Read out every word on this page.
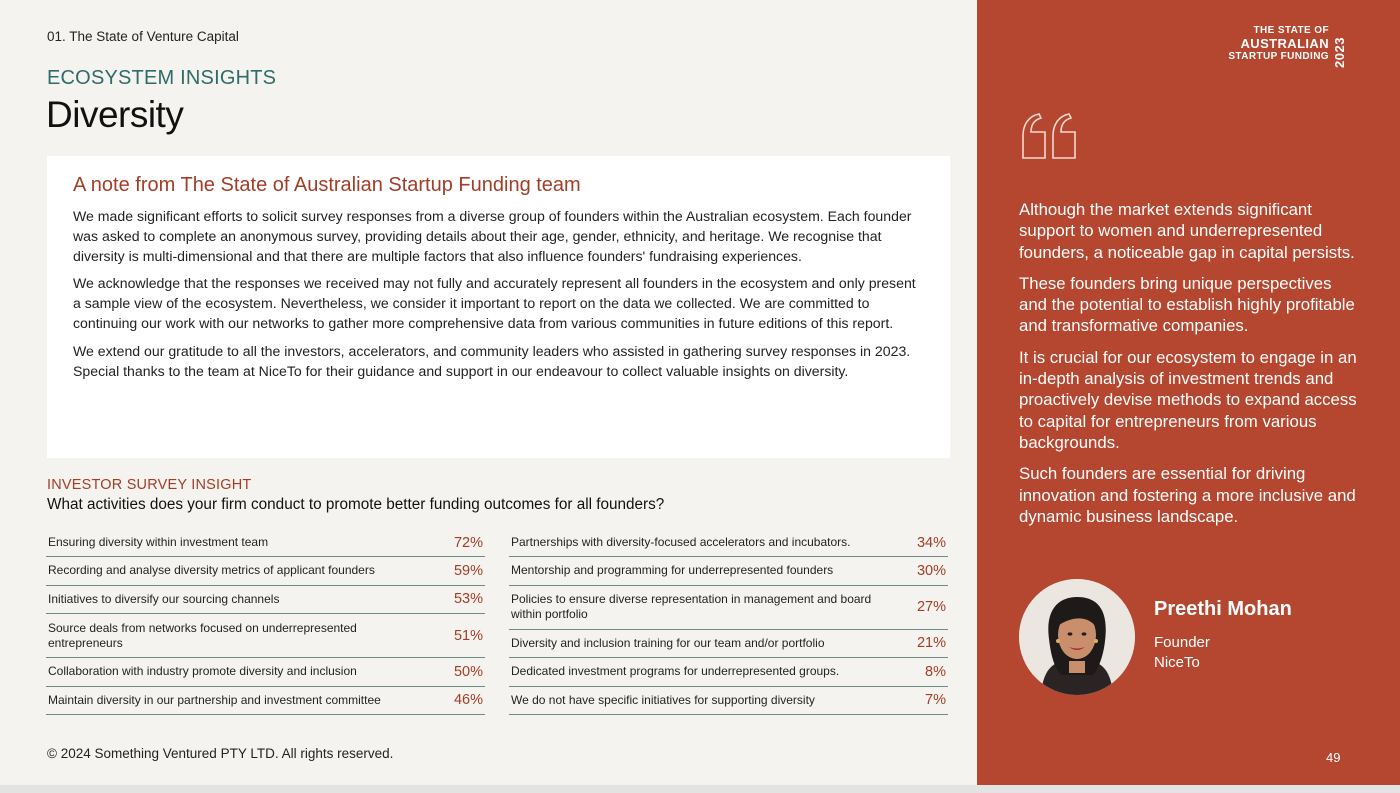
01. The State of Venture Capital
ECOSYSTEM INSIGHTS
Diversity
A note from The State of Australian Startup Funding team

We made significant efforts to solicit survey responses from a diverse group of founders within the Australian ecosystem. Each founder was asked to complete an anonymous survey, providing details about their age, gender, ethnicity, and heritage. We recognise that diversity is multi-dimensional and that there are multiple factors that also influence founders' fundraising experiences.

We acknowledge that the responses we received may not fully and accurately represent all founders in the ecosystem and only present a sample view of the ecosystem. Nevertheless, we consider it important to report on the data we collected. We are committed to continuing our work with our networks to gather more comprehensive data from various communities in future editions of this report.

We extend our gratitude to all the investors, accelerators, and community leaders who assisted in gathering survey responses in 2023. Special thanks to the team at NiceTo for their guidance and support in our endeavour to collect valuable insights on diversity.

INVESTOR SURVEY INSIGHT
What activities does your firm conduct to promote better funding outcomes for all founders?
Ensuring diversity within investment team	72%
Recording and analyse diversity metrics of applicant founders	59%
Initiatives to diversify our sourcing channels	53%
Source deals from networks focused on underrepresented entrepreneurs	51%
Collaboration with industry promote diversity and inclusion	50%
Maintain diversity in our partnership and investment committee	46%
Partnerships with diversity-focused accelerators and incubators.	34%
Mentorship and programming for underrepresented founders	30%
Policies to ensure diverse representation in management and board within portfolio	27%
Diversity and inclusion training for our team and/or portfolio	21%
Dedicated investment programs for underrepresented groups.	8%
We do not have specific initiatives for supporting diversity	7%
© 2024 Something Ventured PTY LTD. All rights reserved.
THE STATE OF
AUSTRALIAN
STARTUP FUNDING 2023

Although the market extends significant support to women and underrepresented founders, a noticeable gap in capital persists.

These founders bring unique perspectives and the potential to establish highly profitable and transformative companies.

It is crucial for our ecosystem to engage in an in-depth analysis of investment trends and proactively devise methods to expand access to capital for entrepreneurs from various backgrounds.

Such founders are essential for driving innovation and fostering a more inclusive and dynamic business landscape.

Preethi Mohan
Founder
NiceTo
49
